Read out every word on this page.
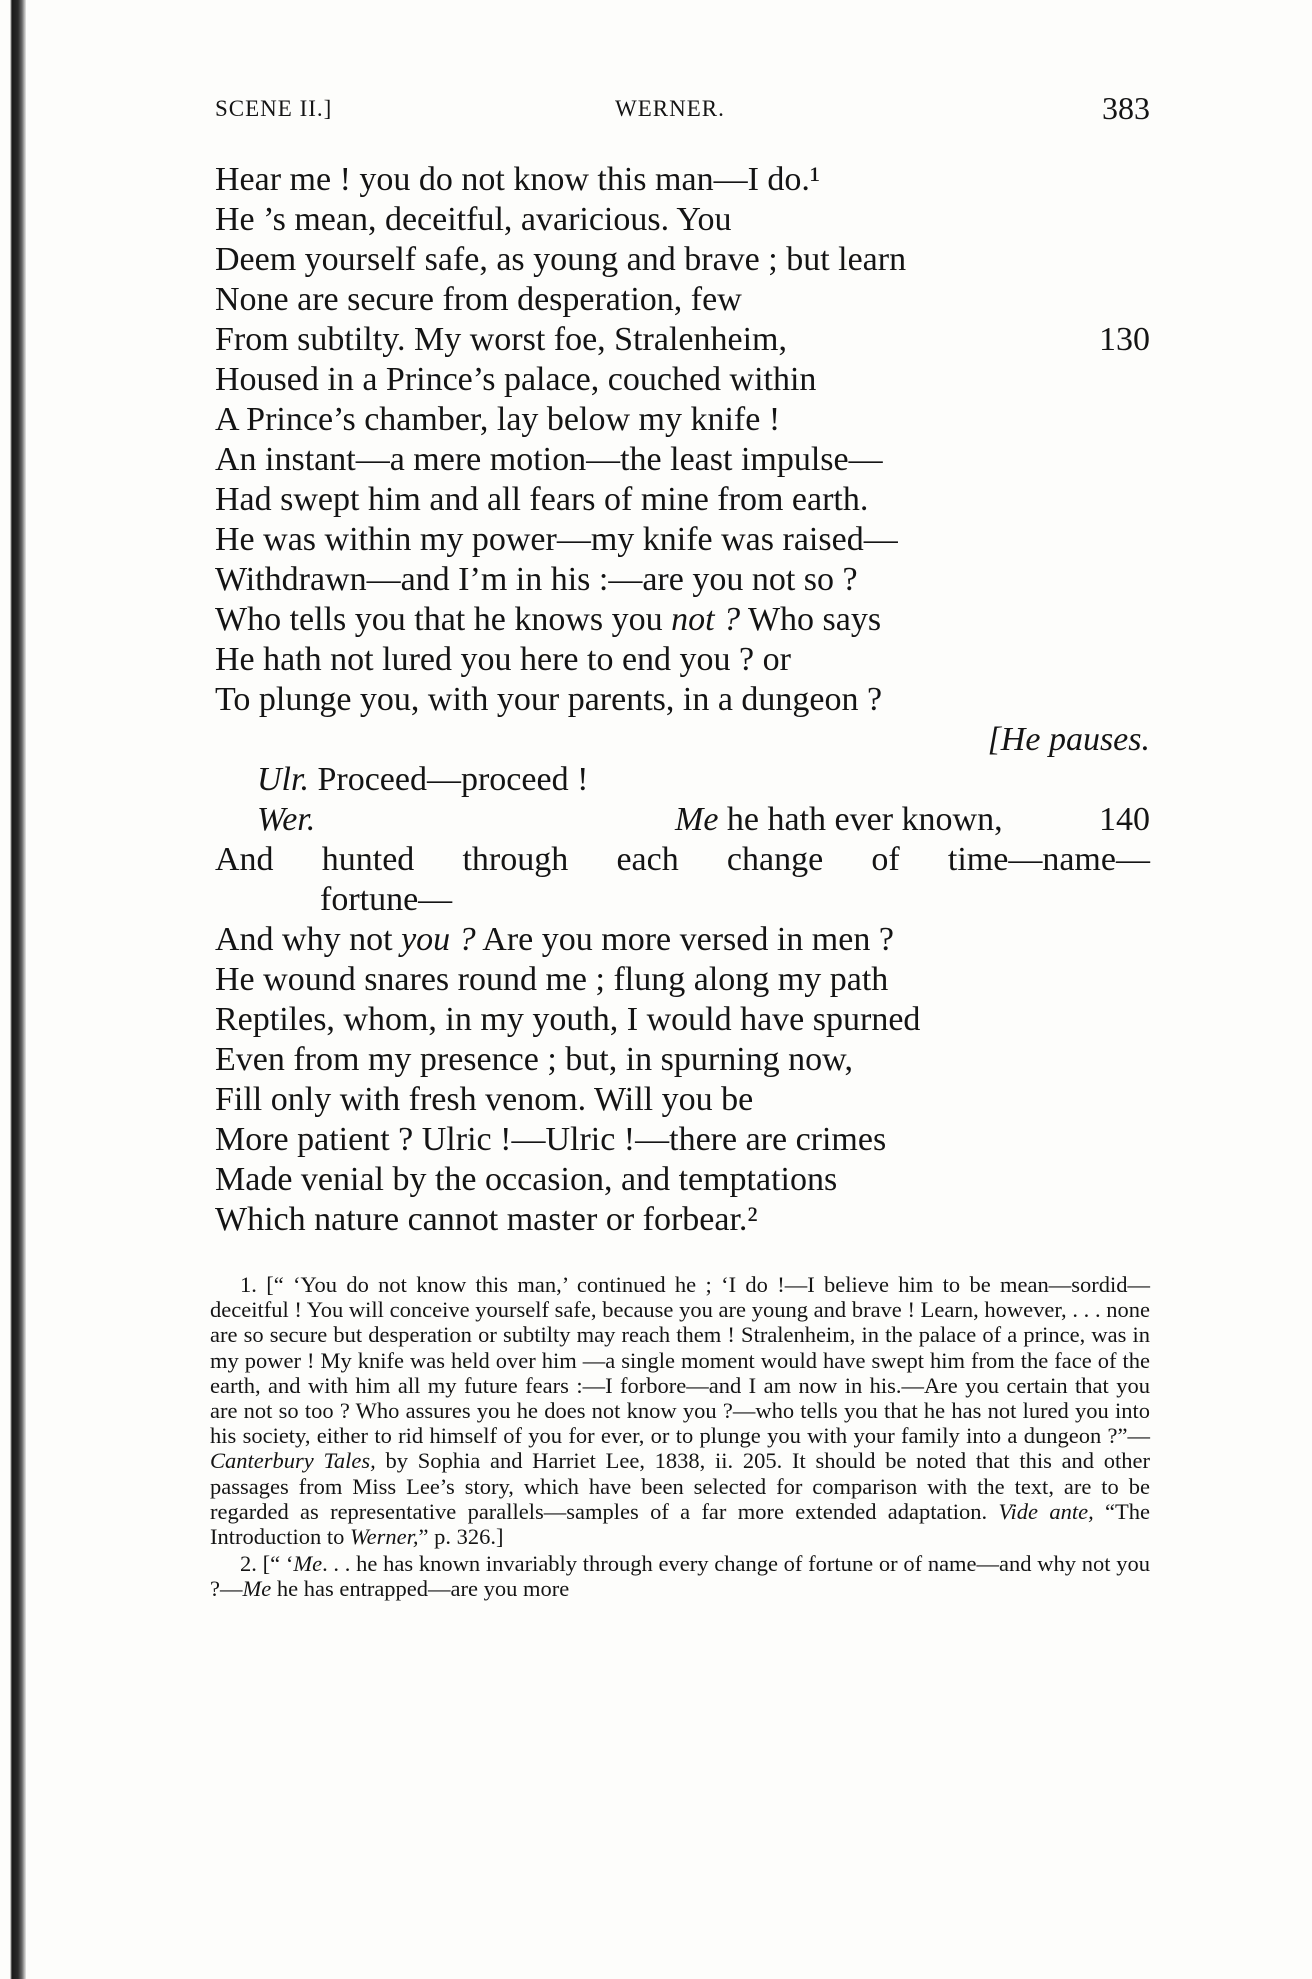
SCENE II.]	WERNER.	383
Hear me ! you do not know this man—I do.¹
He ’s mean, deceitful, avaricious. You
Deem yourself safe, as young and brave ; but learn
None are secure from desperation, few
From subtilty. My worst foe, Stralenheim,	130
Housed in a Prince’s palace, couched within
A Prince’s chamber, lay below my knife !
An instant—a mere motion—the least impulse—
Had swept him and all fears of mine from earth.
He was within my power—my knife was raised—
Withdrawn—and I’m in his :—are you not so ?
Who tells you that he knows you not ? Who says
He hath not lured you here to end you ? or
To plunge you, with your parents, in a dungeon ?
[He pauses.
Ulr. Proceed—proceed !
Wer.	Me he hath ever known,	140
And hunted through each change of time—name—
fortune—
And why not you ? Are you more versed in men ?
He wound snares round me ; flung along my path
Reptiles, whom, in my youth, I would have spurned
Even from my presence ; but, in spurning now,
Fill only with fresh venom. Will you be
More patient ? Ulric !—Ulric !—there are crimes
Made venial by the occasion, and temptations
Which nature cannot master or forbear.²

1. [“ ‘You do not know this man,’ continued he ; ‘I do !—I believe him to be mean—sordid—deceitful ! You will conceive yourself safe, because you are young and brave ! Learn, however, . . . none are so secure but desperation or subtilty may reach them ! Stralenheim, in the palace of a prince, was in my power ! My knife was held over him —a single moment would have swept him from the face of the earth, and with him all my future fears :—I forbore—and I am now in his.—Are you certain that you are not so too ? Who assures you he does not know you ?—who tells you that he has not lured you into his society, either to rid himself of you for ever, or to plunge you with your family into a dungeon ?”—Canterbury Tales, by Sophia and Harriet Lee, 1838, ii. 205. It should be noted that this and other passages from Miss Lee’s story, which have been selected for comparison with the text, are to be regarded as representative parallels—samples of a far more extended adaptation. Vide ante, “The Introduction to Werner,” p. 326.]

2. [“ ‘Me. . . he has known invariably through every change of fortune or of name—and why not you ?—Me he has entrapped—are you more
